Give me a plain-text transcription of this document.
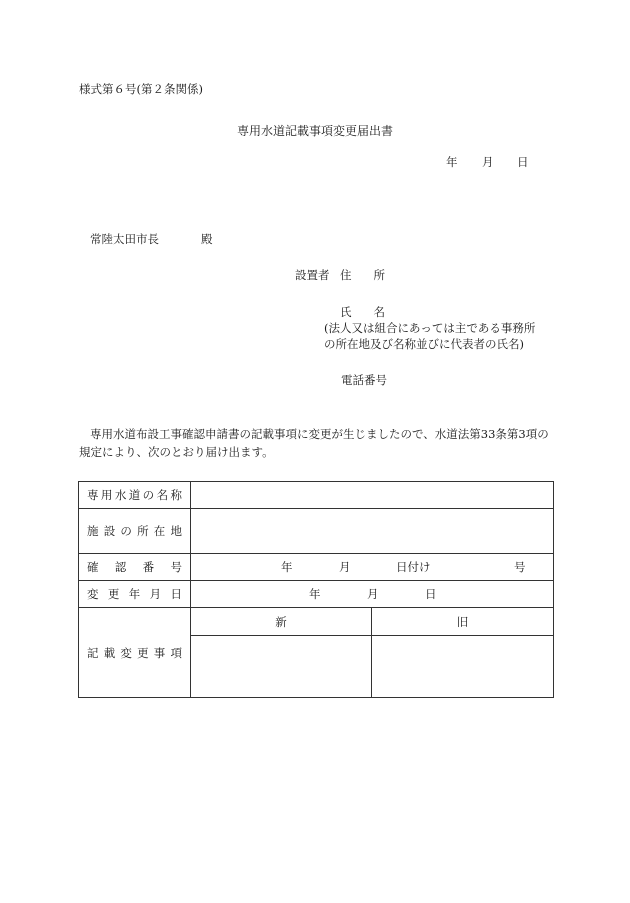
様式第６号(第２条関係)
専用水道記載事項変更届出書
年 月 日
常陸太田市長	殿
設置者 住 所
氏 名
(法人又は組合にあっては主である事務所
の所在地及び名称並びに代表者の氏名)
電話番号
専用水道布設工事確認申請書の記載事項に変更が生じましたので、水道法第33条第3項の
規定により、次のとおり届け出ます。
専用水道の名称		
施設の所在地		
確認番号	年 月 日付け 号	

変更年月日	年 月 日	

記載変更事項	新	旧
